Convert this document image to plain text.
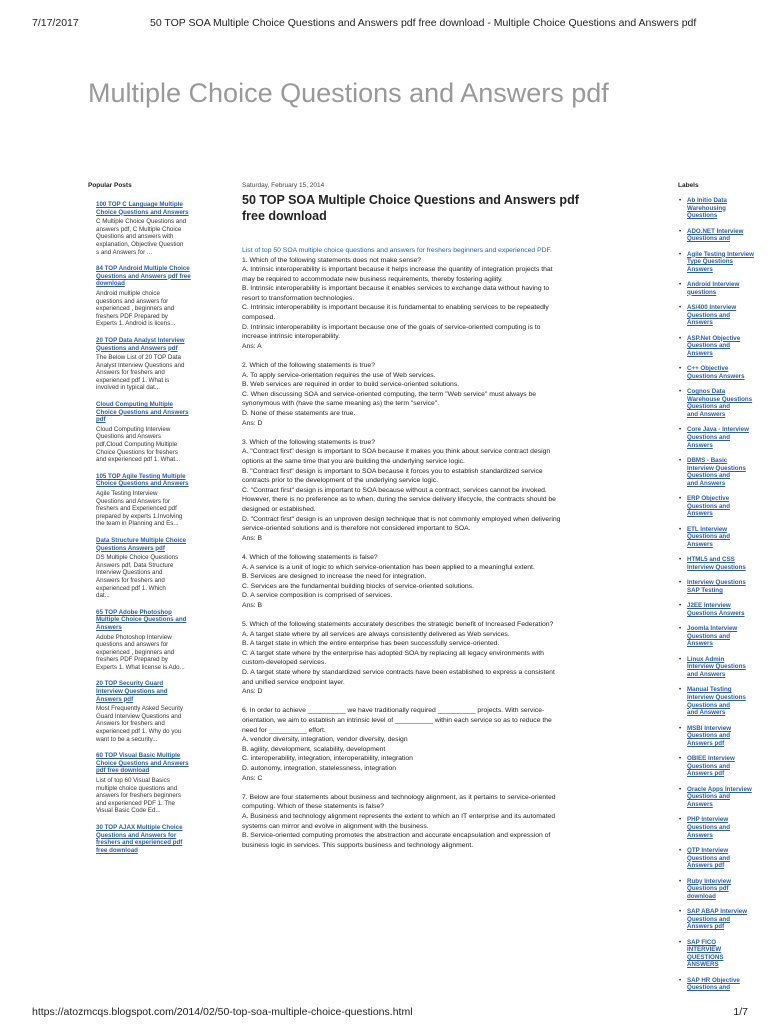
7/17/2017	50 TOP SOA Multiple Choice Questions and Answers pdf free download - Multiple Choice Questions and Answers pdf
Multiple Choice Questions and Answers pdf
Popular Posts
100 TOP C Language Multiple
Choice Questions and Answers
C Multiple Choice Questions and
answers pdf, C Multiple Choice
Questions and answers with
explanation, Objective Question
s and Answers for ...
84 TOP Android Multiple Choice
Questions and Answers pdf free
download
Android multiple choice
questions and answers for
experienced , beginners and
freshers PDF Prepared by
Experts 1. Android is licens...
20 TOP Data Analyst Interview
Questions and Answers pdf
The Below List of 20 TOP Data
Analyst Interview Questions and
Answers for freshers and
experienced pdf 1. What is
involved in typical dat...
Cloud Computing Multiple
Choice Questions and Answers
pdf
Cloud Computing Interview
Questions and Answers
pdf,Cloud Computing Multiple
Choice Questions for freshers
and experienced pdf 1. What...
105 TOP Agile Testing Multiple
Choice Questions and Answers
Agile Testing Interview
Questions and Answers for
freshers and Experienced pdf
prepared by experts 1.Involving
the team in Planning and Es...
Data Structure Multiple Choice
Questions Answers pdf
DS Multiple Choice Questions
Answers pdf, Data Structure
Interview Questions and
Answers for freshers and
experienced pdf 1. Which
dat...
65 TOP Adobe Photoshop
Multiple Choice Questions and
Answers
Adobe Photoshop Interview
questions and answers for
experienced , beginners and
freshers PDF Prepared by
Experts 1. What license is Ado...
20 TOP Security Guard
Interview Questions and
Answers pdf
Most Frequently Asked Security
Guard Interview Questions and
Answers for freshers and
experienced pdf 1. Why do you
want to be a security...
60 TOP Visual Basic Multiple
Choice Questions and Answers
pdf free download
List of top 60 Visual Basics
multiple choice questions and
answers for freshers beginners
and experienced PDF 1. The
Visual Basic Code Ed...
30 TOP AJAX Multiple Choice
Questions and Answers for
freshers and experienced pdf
free download
Saturday, February 15, 2014
50 TOP SOA Multiple Choice Questions and Answers pdf
free download
List of top 50 SOA multiple choice questions and answers for freshers beginners and experienced PDF.

1. Which of the following statements does not make sense?

A. Intrinsic interoperability is important because it helps increase the quantity of integration projects that

may be required to accommodate new business requirements, thereby fostering agility.

B. Intrinsic interoperability is important because it enables services to exchange data without having to

resort to transformation technologies.

C. Intrinsic interoperability is important because it is fundamental to enabling services to be repeatedly

composed.

D. Intrinsic interoperability is important because one of the goals of service-oriented computing is to

increase intrinsic interoperability.

Ans: A

2. Which of the following statements is true?

A. To apply service-orientation requires the use of Web services.

B. Web services are required in order to build service-oriented solutions.

C. When discussing SOA and service-oriented computing, the term "Web service" must always be

synonymous with (have the same meaning as) the term "service".

D. None of these statements are true.

Ans: D

3. Which of the following statements is true?

A. "Contract first" design is important to SOA because it makes you think about service contract design

options at the same time that you are building the underlying service logic.

B. "Contract first" design is important to SOA because it forces you to establish standardized service

contracts prior to the development of the underlying service logic.

C. "Contract first" design is important to SOA because without a contract, services cannot be invoked.

However, there is no preference as to when, during the service delivery lifecycle, the contracts should be

designed or established.

D. "Contract first" design is an unproven design technique that is not commonly employed when delivering

service-oriented solutions and is therefore not considered important to SOA.

Ans: B

4. Which of the following statements is false?

A. A service is a unit of logic to which service-orientation has been applied to a meaningful extent.

B. Services are designed to increase the need for integration.

C. Services are the fundamental building blocks of service-oriented solutions.

D. A service composition is comprised of services.

Ans: B

5. Which of the following statements accurately describes the strategic benefit of Increased Federation?

A. A target state where by all services are always consistently delivered as Web services.

B. A target state in which the entire enterprise has been successfully service-oriented.

C. A target state where by the enterprise has adopted SOA by replacing all legacy environments with

custom-developed services.

D. A target state where by standardized service contracts have been established to express a consistent

and unified service endpoint layer.

Ans: D

6. In order to achieve __________ we have traditionally required __________ projects. With service-

orientation, we aim to establish an intrinsic level of __________ within each service so as to reduce the

need for __________ effort.

A. vendor diversity, integration, vendor diversity, design

B. agility, development, scalability, development

C. interoperability, integration, interoperability, integration

D. autonomy, integration, statelessness, integration

Ans: C

7. Below are four statements about business and technology alignment, as it pertains to service-oriented

computing. Which of these statements is false?

A. Business and technology alignment represents the extent to which an IT enterprise and its automated

systems can mirror and evolve in alignment with the business.

B. Service-oriented computing promotes the abstraction and accurate encapsulation and expression of

business logic in services. This supports business and technology alignment.

Labels
• Ab Initio Data
Warehousing
Questions
• ADO.NET Interview
Questions and
• Agile Testing Interview
Type Questions
Answers
• Android Interview
questions
• AS/400 Interview
Questions and
Answers
• ASP.Net Objective
Questions and
Answers
• C++ Objective
Questions Answers
• Cognos Data
Warehouse Questions
Questions and
and Answers
• Core Java - Interview
Questions and
Answers
• DBMS - Basic
Interview Questions
Questions and
and Answers
• ERP Objective
Questions and
Answers
• ETL Interview
Questions and
Answers
• HTML5 and CSS
Interview Questions
• Interview Questions
SAP Testing
• J2EE Interview
Questions Answers
• Joomla Interview
Questions and
Answers
• Linux Admin
Interview Questions
and Answers
• Manual Testing
Interview Questions
Questions and
and Answers
• MSBI Interview
Questions and
Answers pdf
• OBIEE Interview
Questions and
Answers pdf
• Oracle Apps Interview
Questions and
Answers
• PHP Interview
Questions and
Answers
• QTP Interview
Questions and
Answers pdf
• Ruby Interview
Questions pdf
download
• SAP ABAP Interview
Questions and
Answers pdf
• SAP FICO
INTERVIEW
QUESTIONS
ANSWERS
• SAP HR Objective
Questions and
https://atozmcqs.blogspot.com/2014/02/50-top-soa-multiple-choice-questions.html	1/7
